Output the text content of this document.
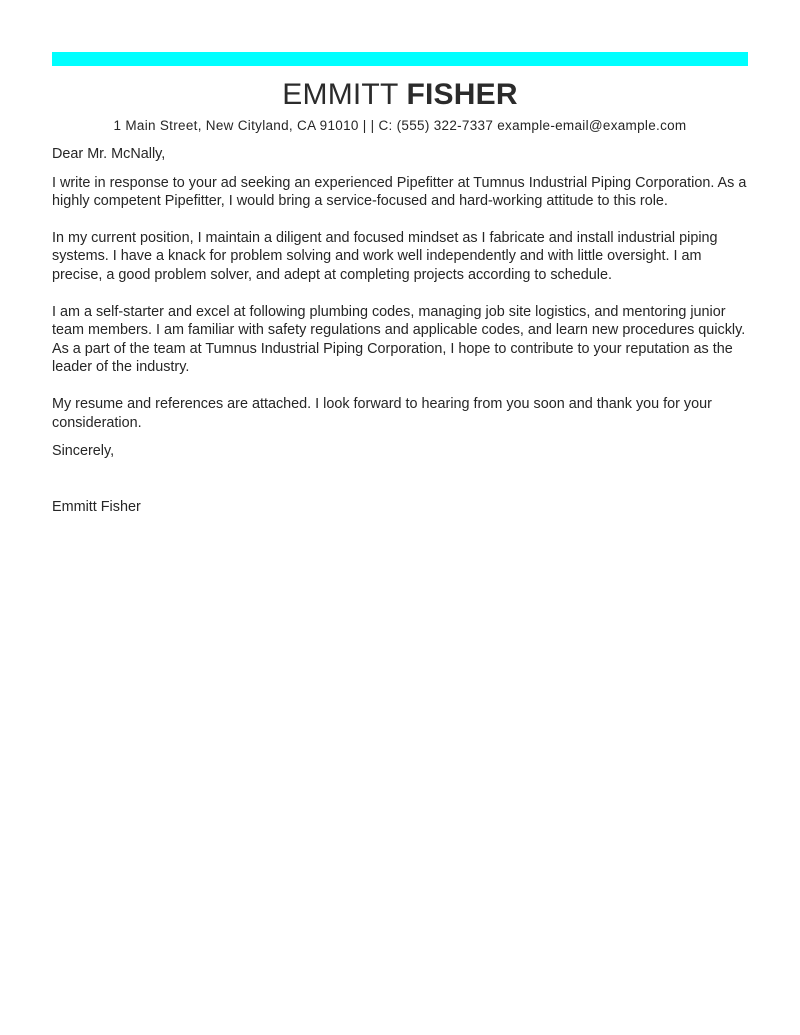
EMMITT FISHER
1 Main Street, New Cityland, CA 91010 | | C: (555) 322-7337 example-email@example.com

Dear Mr. McNally,

I write in response to your ad seeking an experienced Pipefitter at Tumnus Industrial Piping Corporation. As a highly competent Pipefitter, I would bring a service-focused and hard-working attitude to this role.

In my current position, I maintain a diligent and focused mindset as I fabricate and install industrial piping systems. I have a knack for problem solving and work well independently and with little oversight. I am precise, a good problem solver, and adept at completing projects according to schedule.

I am a self-starter and excel at following plumbing codes, managing job site logistics, and mentoring junior team members. I am familiar with safety regulations and applicable codes, and learn new procedures quickly. As a part of the team at Tumnus Industrial Piping Corporation, I hope to contribute to your reputation as the leader of the industry.

My resume and references are attached. I look forward to hearing from you soon and thank you for your consideration.

Sincerely,

Emmitt Fisher
